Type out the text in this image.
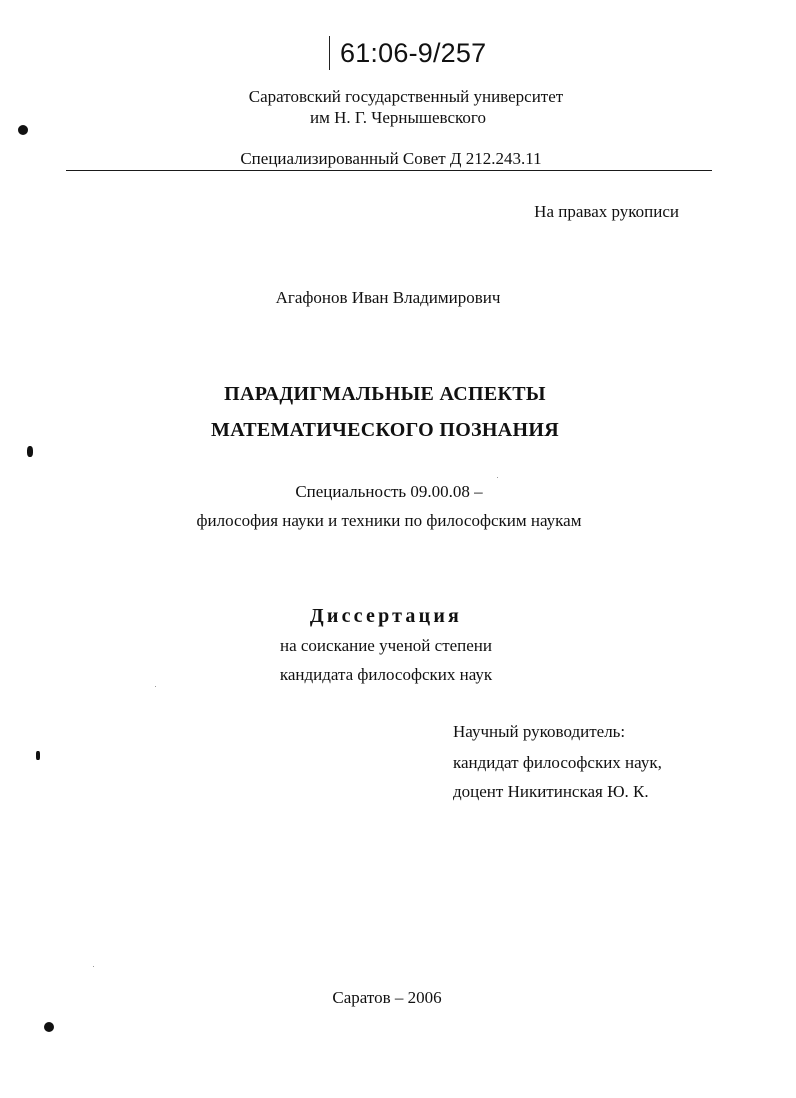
61:06-9/257
Саратовский государственный университет
им Н. Г. Чернышевского
Специализированный Совет Д 212.243.11
На правах рукописи
Агафонов Иван Владимирович
ПАРАДИГМАЛЬНЫЕ АСПЕКТЫ
МАТЕМАТИЧЕСКОГО ПОЗНАНИЯ
Специальность 09.00.08 –
философия науки и техники по философским наукам
Диссертация
на соискание ученой степени
кандидата философских наук
Научный руководитель:
кандидат философских наук,
доцент Никитинская Ю. К.
Саратов – 2006
